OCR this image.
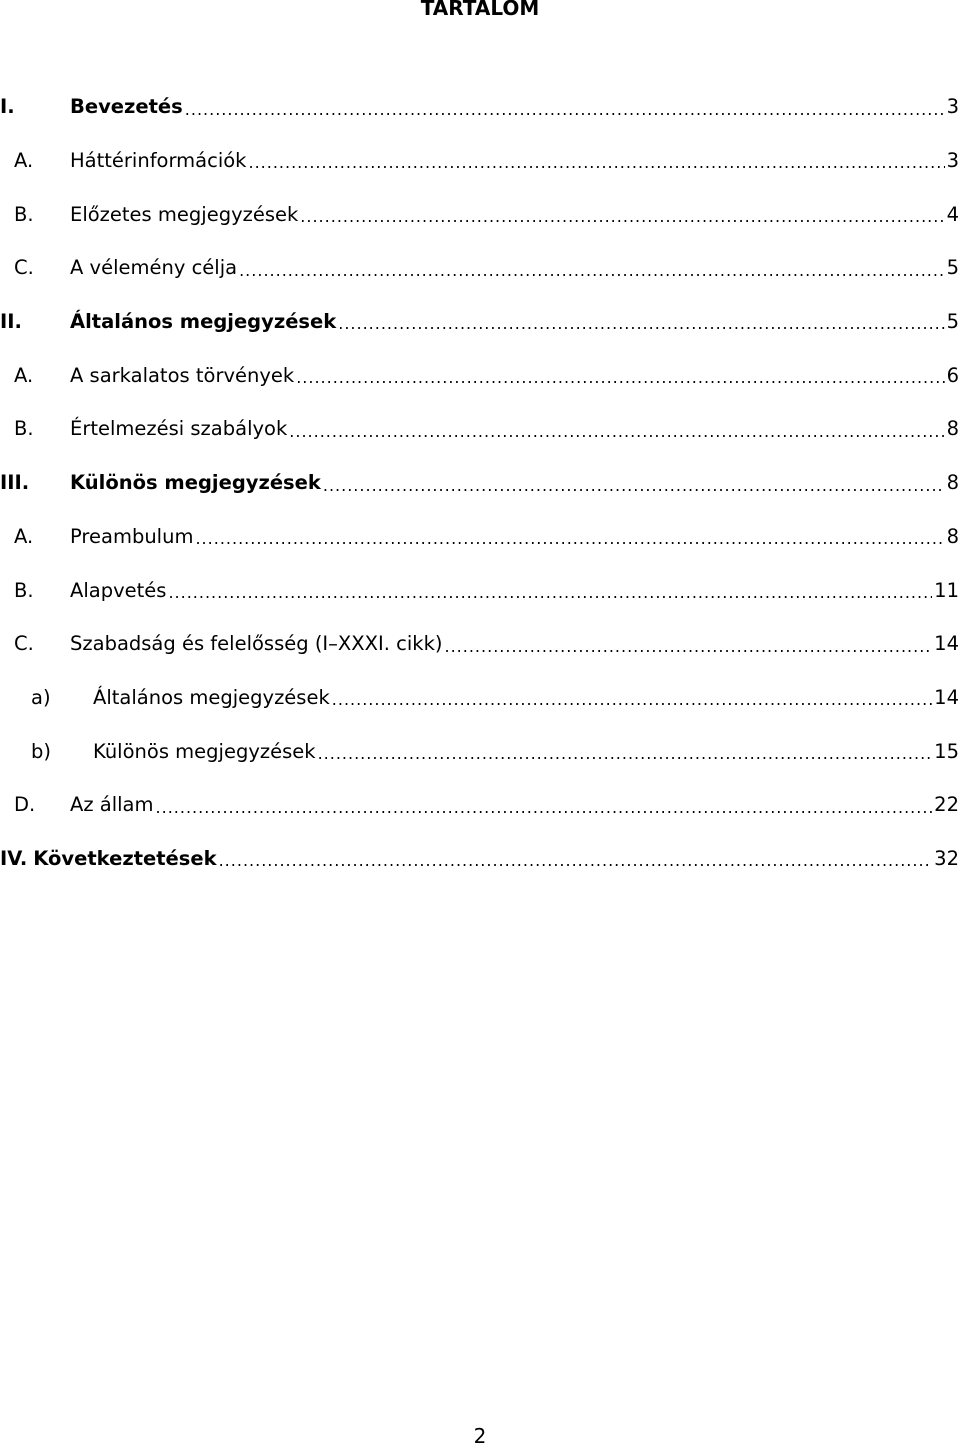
TARTALOM
I.	Bevezetés .....	3
A.	Háttérinformációk .....	3
B.	Előzetes megjegyzések .....	4
C.	A vélemény célja .....	5
II.	Általános megjegyzések .....	5
A.	A sarkalatos törvények .....	6
B.	Értelmezési szabályok .....	8
III.	Különös megjegyzések .....	8
A.	Preambulum .....	8
B.	Alapvetés .....	11
C.	Szabadság és felelősség (I–XXXI. cikk) .....	14
a)	Általános megjegyzések .....	14
b)	Különös megjegyzések .....	15
D.	Az állam .....	22
IV. Következtetések .....	32
2
